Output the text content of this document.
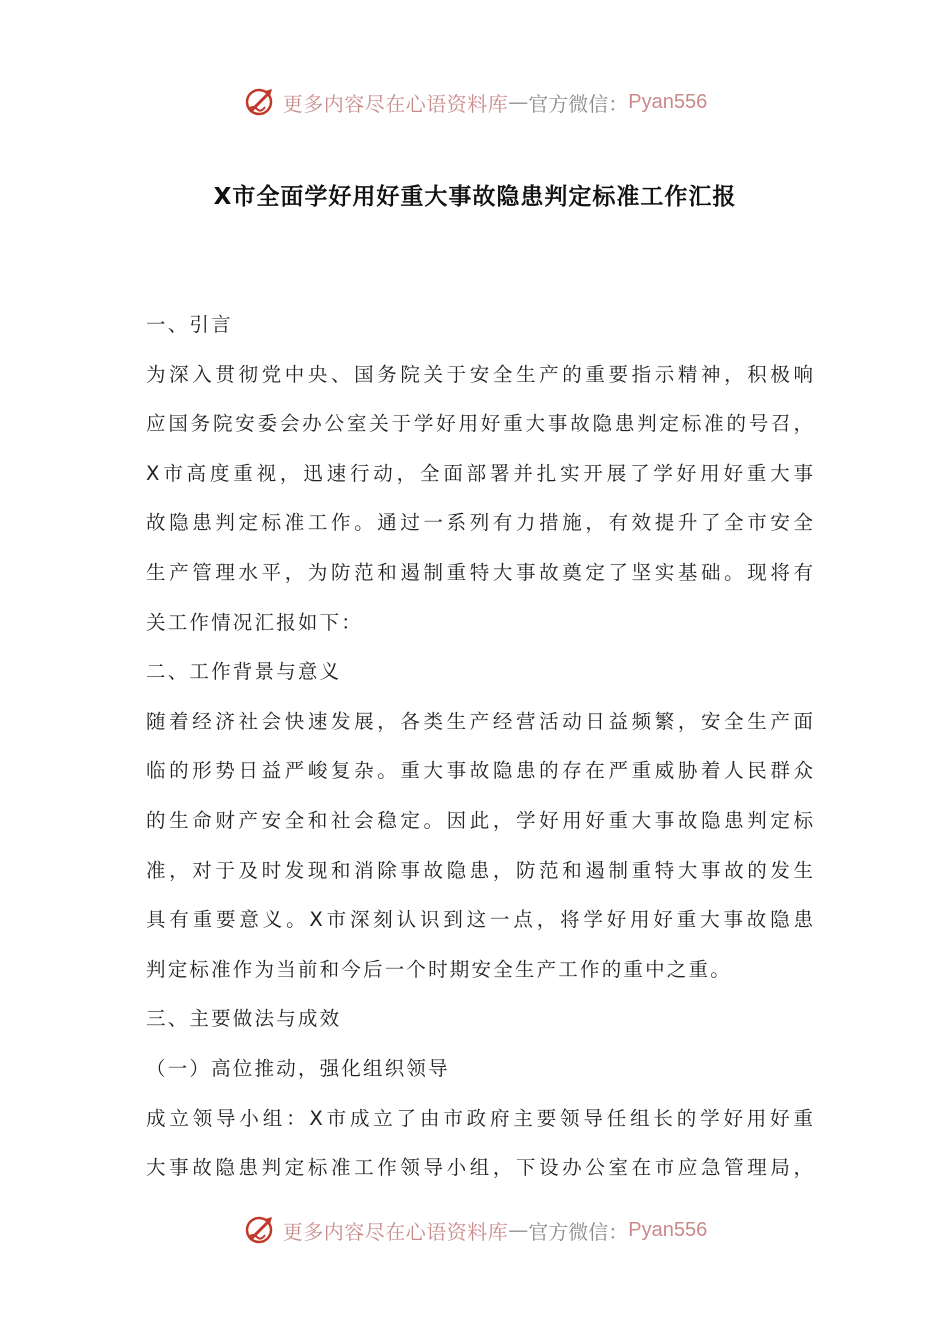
更多内容尽在心语资料库 — 官方微信： Pyan556
X市全面学好用好重大事故隐患判定标准工作汇报
一、引言
为深入贯彻党中央、国务院关于安全生产的重要指示精神，积极响
应国务院安委会办公室关于学好用好重大事故隐患判定标准的号召，
X市高度重视，迅速行动，全面部署并扎实开展了学好用好重大事
故隐患判定标准工作。通过一系列有力措施，有效提升了全市安全
生产管理水平，为防范和遏制重特大事故奠定了坚实基础。现将有
关工作情况汇报如下：
二、工作背景与意义
随着经济社会快速发展，各类生产经营活动日益频繁，安全生产面
临的形势日益严峻复杂。重大事故隐患的存在严重威胁着人民群众
的生命财产安全和社会稳定。因此，学好用好重大事故隐患判定标
准，对于及时发现和消除事故隐患，防范和遏制重特大事故的发生
具有重要意义。X市深刻认识到这一点，将学好用好重大事故隐患
判定标准作为当前和今后一个时期安全生产工作的重中之重。
三、主要做法与成效
（一）高位推动，强化组织领导
成立领导小组：X市成立了由市政府主要领导任组长的学好用好重
大事故隐患判定标准工作领导小组，下设办公室在市应急管理局，
更多内容尽在心语资料库 — 官方微信： Pyan556
